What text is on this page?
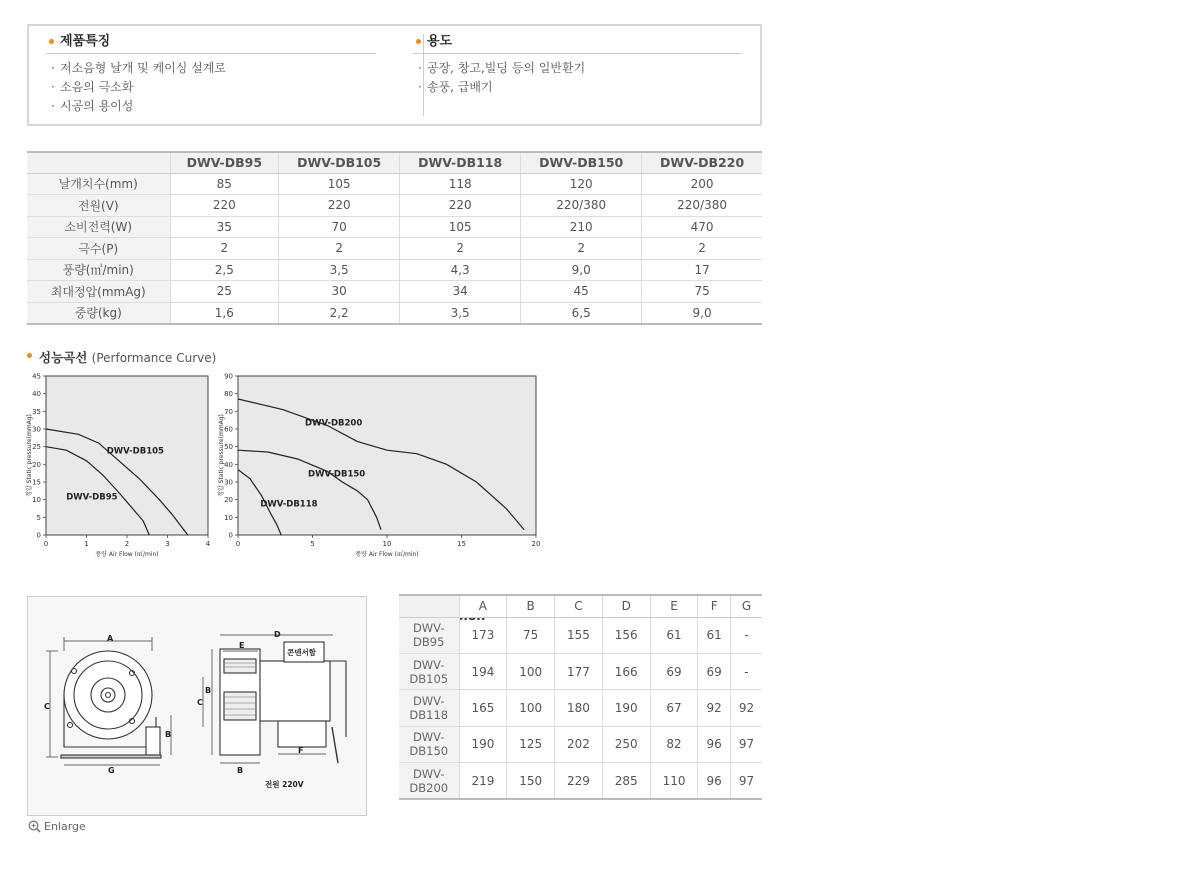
제품특징
· 저소음형 날개 및 케이싱 설계로
· 소음의 극소화
· 시공의 용이성
용도
· 공장, 창고,빌딩 등의 일반환기
· 송풍, 급배기
	DWV-DB95	DWV-DB105	DWV-DB118	DWV-DB150	DWV-DB220
날개치수(mm)	85	105	118	120	200
전원(V)	220	220	220	220/380	220/380
소비전력(W)	35	70	105	210	470
극수(P)	2	2	2	2	2
풍량(㎥/min)	2,5	3,5	4,3	9,0	17
최대정압(mmAg)	25	30	34	45	75
중량(kg)	1,6	2,2	3,5	6,5	9,0
성능곡선 (Performance Curve)
0
5
10
15
20
25
30
35
40
45
0	1	2	3	4
풍량 Air Flow (㎥/min)
정압 Static pressure(mmAg)	DWV-DB105
DWV-DB95
0
10
20
30
40
50
60
70
80
90
0	5	10	15	20
풍량 Air Flow (㎥/min)
정압 Static pressure(mmAg)	DWV-DB200
DWV-DB150
DWV-DB118
A
C
G
B
D
E
C
B
B
F
콘덴서함
전원 220V
Enlarge
	A	B	C	D	E	F	G
DWV-
DB95	173	75	155	156	61	61	-
DWV-
DB105	194	100	177	166	69	69	-
DWV-
DB118	165	100	180	190	67	92	92
DWV-
DB150	190	125	202	250	82	96	97
DWV-
DB200	219	150	229	285	110	96	97
